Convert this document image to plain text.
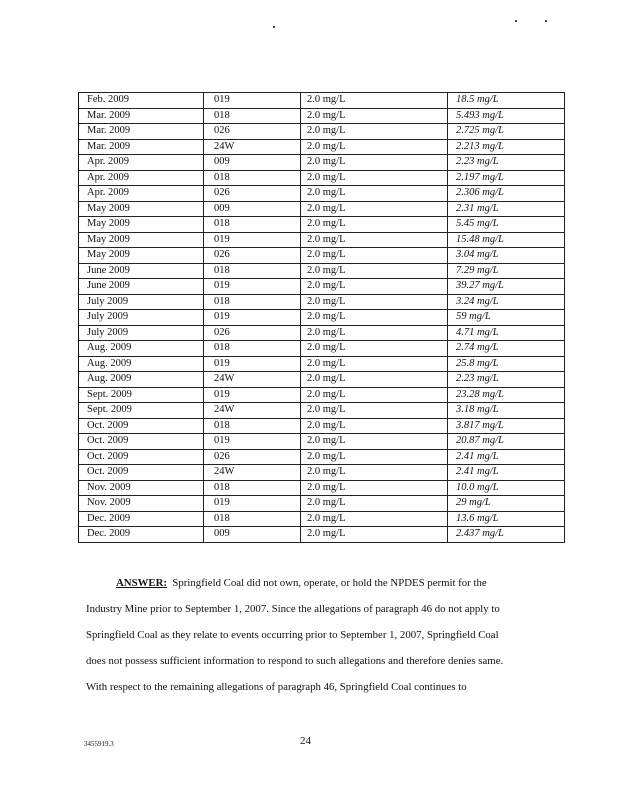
Feb. 2009	019	2.0 mg/L	18.5 mg/L
Mar. 2009	018	2.0 mg/L	5.493 mg/L
Mar. 2009	026	2.0 mg/L	2.725 mg/L
Mar. 2009	24W	2.0 mg/L	2.213 mg/L
Apr. 2009	009	2.0 mg/L	2.23 mg/L
Apr. 2009	018	2.0 mg/L	2.197 mg/L
Apr. 2009	026	2.0 mg/L	2.306 mg/L
May 2009	009	2.0 mg/L	2.31 mg/L
May 2009	018	2.0 mg/L	5.45 mg/L
May 2009	019	2.0 mg/L	15.48 mg/L
May 2009	026	2.0 mg/L	3.04 mg/L
June 2009	018	2.0 mg/L	7.29 mg/L
June 2009	019	2.0 mg/L	39.27 mg/L
July 2009	018	2.0 mg/L	3.24 mg/L
July 2009	019	2.0 mg/L	59 mg/L
July 2009	026	2.0 mg/L	4.71 mg/L
Aug. 2009	018	2.0 mg/L	2.74 mg/L
Aug. 2009	019	2.0 mg/L	25.8 mg/L
Aug. 2009	24W	2.0 mg/L	2.23 mg/L
Sept. 2009	019	2.0 mg/L	23.28 mg/L
Sept. 2009	24W	2.0 mg/L	3.18 mg/L
Oct. 2009	018	2.0 mg/L	3.817 mg/L
Oct. 2009	019	2.0 mg/L	20.87 mg/L
Oct. 2009	026	2.0 mg/L	2.41 mg/L
Oct. 2009	24W	2.0 mg/L	2.41 mg/L
Nov. 2009	018	2.0 mg/L	10.0 mg/L
Nov. 2009	019	2.0 mg/L	29 mg/L
Dec. 2009	018	2.0 mg/L	13.6 mg/L
Dec. 2009	009	2.0 mg/L	2.437 mg/L

ANSWER: Springfield Coal did not own, operate, or hold the NPDES permit for the

Industry Mine prior to September 1, 2007. Since the allegations of paragraph 46 do not apply to

Springfield Coal as they relate to events occurring prior to September 1, 2007, Springfield Coal

does not possess sufficient information to respond to such allegations and therefore denies same.

With respect to the remaining allegations of paragraph 46, Springfield Coal continues to

3455919.3	24
